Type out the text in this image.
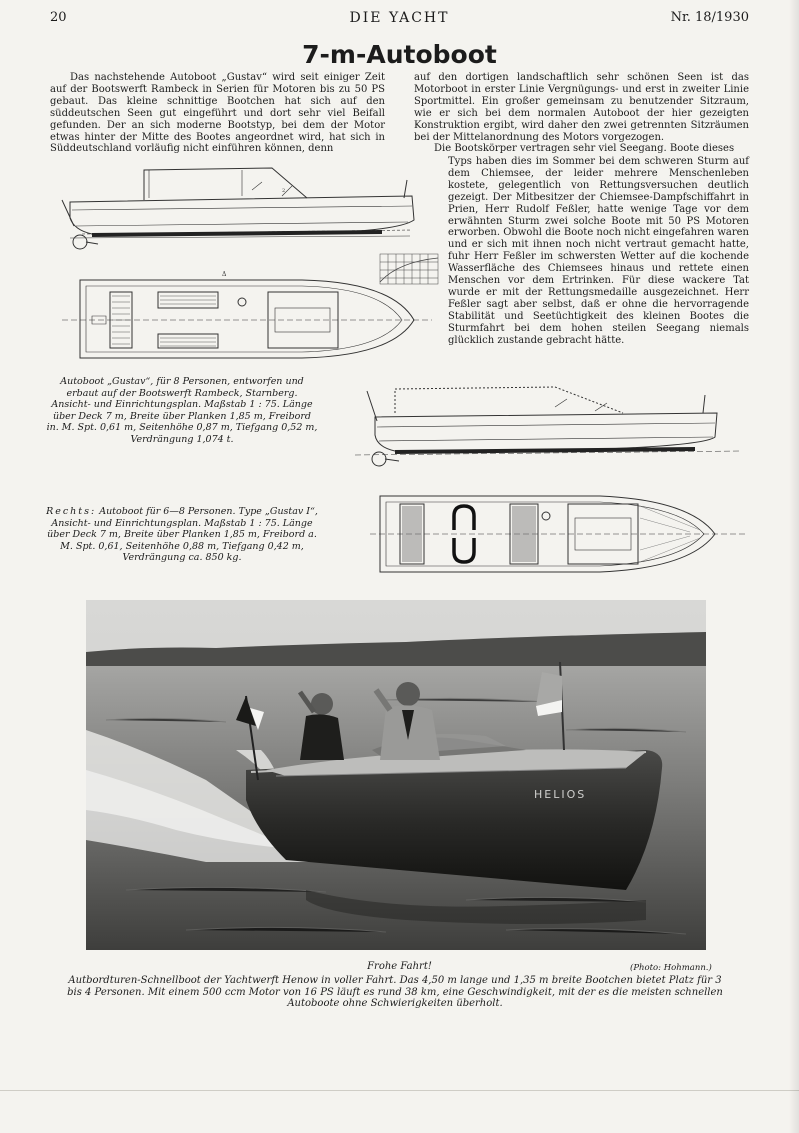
20	DIE YACHT	Nr. 18/1930
7-m-Autoboot

Das nachstehende Autoboot „Gustav“ wird seit einiger Zeit auf der Bootswerft Rambeck in Serien für Motoren bis zu 50 PS gebaut. Das kleine schnittige Bootchen hat sich auf den süddeutschen Seen gut eingeführt und dort sehr viel Beifall gefunden. Der an sich moderne Bootstyp, bei dem der Motor etwas hinter der Mitte des Bootes angeordnet wird, hat sich in Süddeutschland vorläufig nicht einführen können, denn

auf den dortigen landschaftlich sehr schönen Seen ist das Motorboot in erster Linie Vergnügungs- und erst in zweiter Linie Sportmittel. Ein großer gemeinsam zu benutzender Sitzraum, wie er sich bei dem normalen Autoboot der hier gezeigten Konstruktion ergibt, wird daher den zwei getrennten Sitzräumen bei der Mittelanordnung des Motors vorgezogen.

Die Bootskörper vertragen sehr viel Seegang. Boote dieses

Typs haben dies im Sommer bei dem schweren Sturm auf dem Chiemsee, der leider mehrere Menschenleben kostete, gelegentlich von Rettungsversuchen deutlich gezeigt. Der Mitbesitzer der Chiemsee-Dampfschiffahrt in Prien, Herr Rudolf Feßler, hatte wenige Tage vor dem erwähnten Sturm zwei solche Boote mit 50 PS Motoren erworben. Obwohl die Boote noch nicht eingefahren waren und er sich mit ihnen noch nicht vertraut gemacht hatte, fuhr Herr Feßler im schwersten Wetter auf die kochende Wasserfläche des Chiemsees hinaus und rettete einen Menschen vor dem Ertrinken. Für diese wackere Tat wurde er mit der Rettungsmedaille ausgezeichnet. Herr Feßler sagt aber selbst, daß er ohne die hervorragende Stabilität und Seetüchtigkeit des kleinen Bootes die Sturmfahrt bei dem hohen steilen Seegang niemals glücklich zustande gebracht hätte.

2
Δ
Autoboot „Gustav“, für 8 Personen, entworfen und erbaut auf der Bootswerft Rambeck, Starnberg. Ansicht- und Einrichtungsplan. Maßstab 1 : 75. Länge über Deck 7 m, Breite über Planken 1,85 m, Freibord in. M. Spt. 0,61 m, Seitenhöhe 0,87 m, Tiefgang 0,52 m, Verdrängung 1,074 t.
Rechts: Autoboot für 6—8 Personen. Type „Gustav I“, Ansicht- und Einrichtungsplan. Maßstab 1 : 75. Länge über Deck 7 m, Breite über Planken 1,85 m, Freibord a. M. Spt. 0,61, Seitenhöhe 0,88 m, Tiefgang 0,42 m, Verdrängung ca. 850 kg.
HELIOS
Frohe Fahrt!	(Photo: Hohmann.)
Autbordturen-Schnellboot der Yachtwerft Henow in voller Fahrt. Das 4,50 m lange und 1,35 m breite Bootchen bietet Platz für 3 bis 4 Personen. Mit einem 500 ccm Motor von 16 PS läuft es rund 38 km, eine Geschwindigkeit, mit der es die meisten schnellen Autoboote ohne Schwierigkeiten überholt.
